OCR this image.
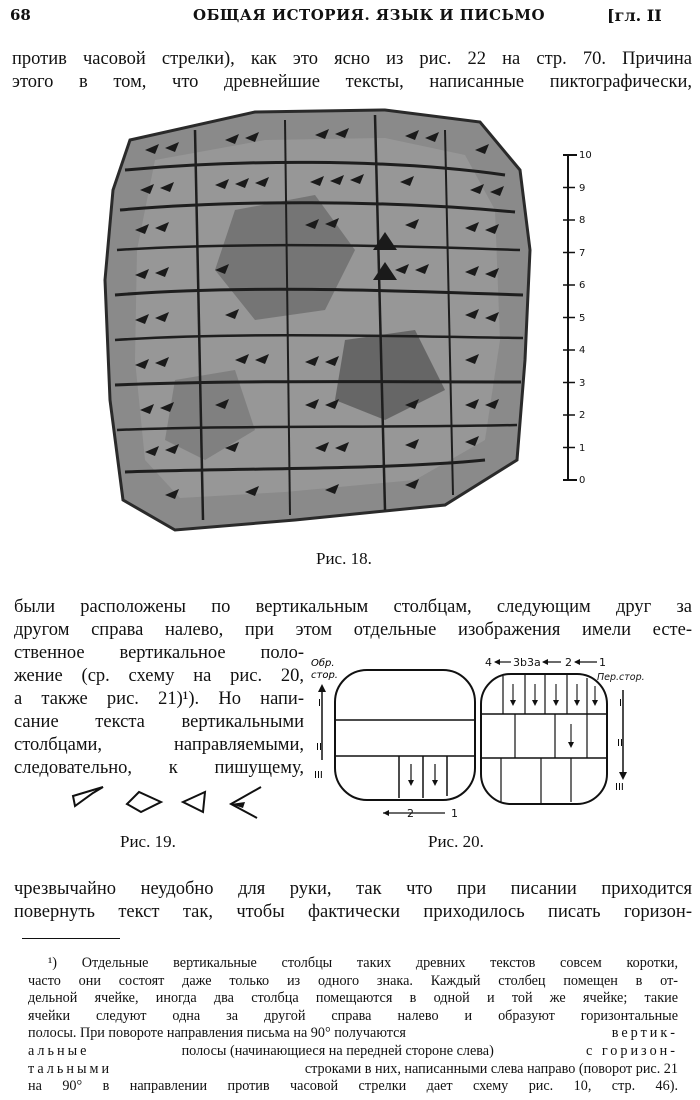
68	ОБЩАЯ ИСТОРИЯ. ЯЗЫК И ПИСЬМО	[гл. II
против часовой стрелки), как это ясно из рис. 22 на стр. 70. Причина
этого в том, что древнейшие тексты, написанные пиктографически,
0
1
2
3
4
5
6
7
8
9
10
Рис. 18.
были расположены по вертикальным столбцам, следующим друг за
другом справа налево, при этом отдельные изображения имели есте-
ственное вертикальное поло-
жение (ср. схему на рис. 20,
а также рис. 21)¹). Но напи-
сание текста вертикальными
столбцами, направляемыми,
следовательно, к пишущему,
Рис. 19.
Обр.
стор.
I
II
III
2	1
4 3b 3a 2 1
Пер.стор.
I
II
III
Рис. 20.
чрезвычайно неудобно для руки, так что при писании приходится
повернуть текст так, чтобы фактически приходилось писать горизон-
¹) Отдельные вертикальные столбцы таких древних текстов совсем коротки,
часто они состоят даже только из одного знака. Каждый столбец помещен в от-
дельной ячейке, иногда два столбца помещаются в одной и той же ячейке; такие
ячейки следуют одна за другой справа налево и образуют горизонтальные
полосы. При повороте направления письма на 90° получаются	вертик-
альные	полосы (начинающиеся на передней стороне слева)	с горизон-
тальными	строками в них, написанными слева направо (поворот рис. 21
на 90° в направлении против часовой стрелки дает схему рис. 10, стр. 46).
